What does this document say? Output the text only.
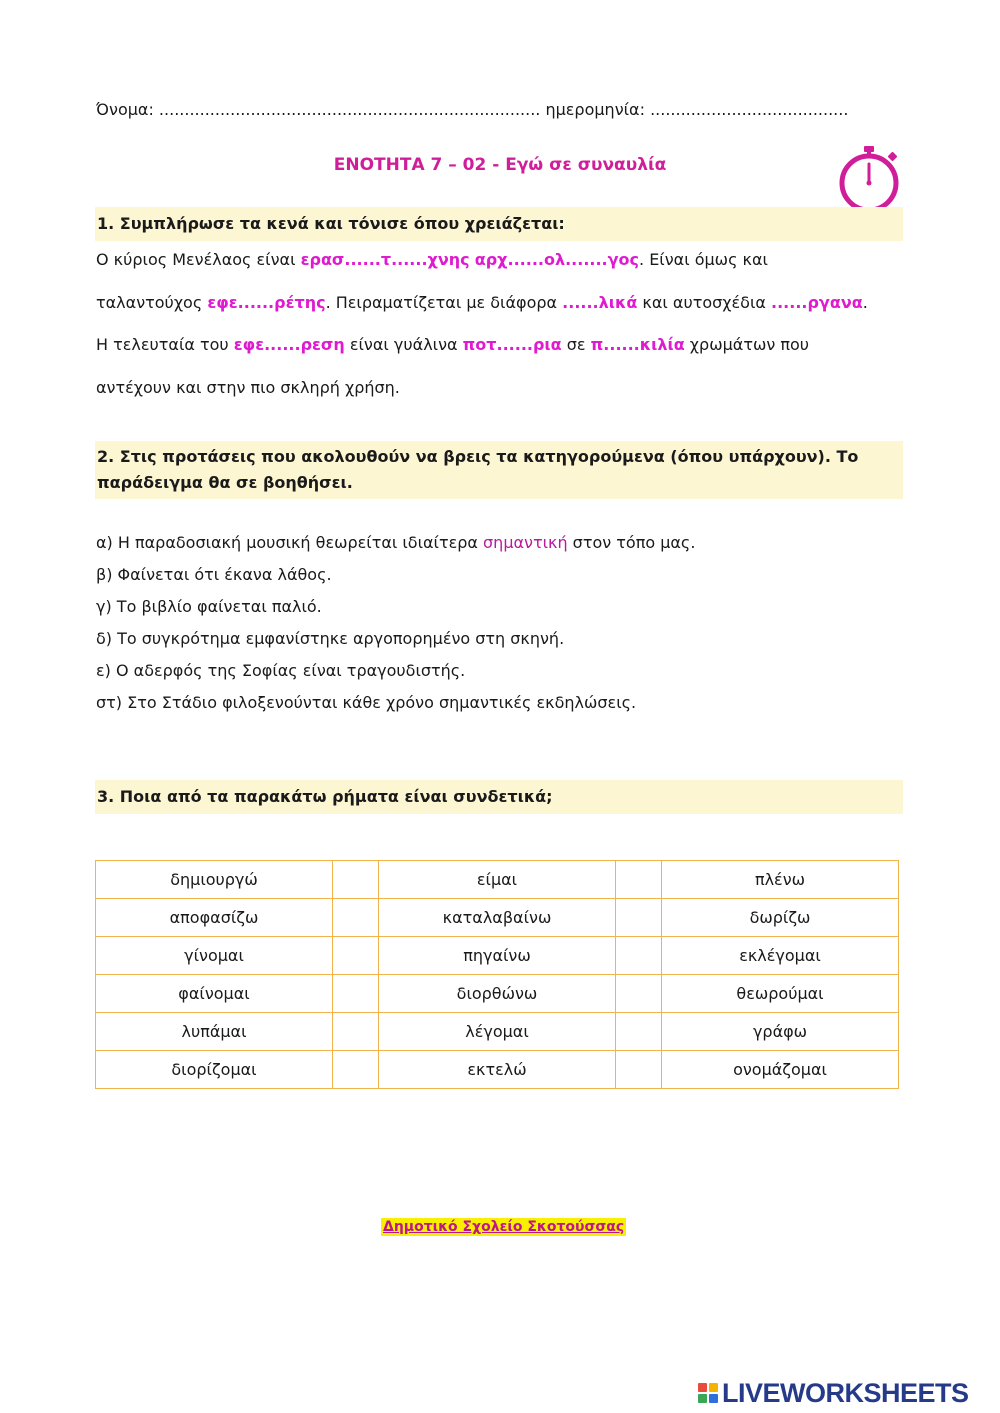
Όνομα: ........................................................................... ημερομηνία: .......................................
ΕΝΟΤΗΤΑ 7 – 02 - Εγώ σε συναυλία
1. Συμπλήρωσε τα κενά και τόνισε όπου χρειάζεται:
Ο κύριος Μενέλαος είναι ερασ......τ......χνης αρχ......ολ.......γος. Είναι όμως και
ταλαντούχος εφε......ρέτης. Πειραματίζεται με διάφορα ......λικά και αυτοσχέδια ......ργανα.
Η τελευταία του εφε......ρεση είναι γυάλινα ποτ......ρια σε π......κιλία χρωμάτων που
αντέχουν και στην πιο σκληρή χρήση.
2. Στις προτάσεις που ακολουθούν να βρεις τα κατηγορούμενα (όπου υπάρχουν). Το παράδειγμα θα σε βοηθήσει.
α) Η παραδοσιακή μουσική θεωρείται ιδιαίτερα σημαντική στον τόπο μας.
β) Φαίνεται ότι έκανα λάθος.
γ) Το βιβλίο φαίνεται παλιό.
δ) Το συγκρότημα εμφανίστηκε αργοπορημένο στη σκηνή.
ε) Ο αδερφός της Σοφίας είναι τραγουδιστής.
στ) Στο Στάδιο φιλοξενούνται κάθε χρόνο σημαντικές εκδηλώσεις.
3. Ποια από τα παρακάτω ρήματα είναι συνδετικά;
δημιουργώ		είμαι		πλένω
αποφασίζω		καταλαβαίνω		δωρίζω
γίνομαι		πηγαίνω		εκλέγομαι
φαίνομαι		διορθώνω		θεωρούμαι
λυπάμαι		λέγομαι		γράφω
διορίζομαι		εκτελώ		ονομάζομαι
Δημοτικό Σχολείο Σκοτούσσας
LIVEWORKSHEETS
